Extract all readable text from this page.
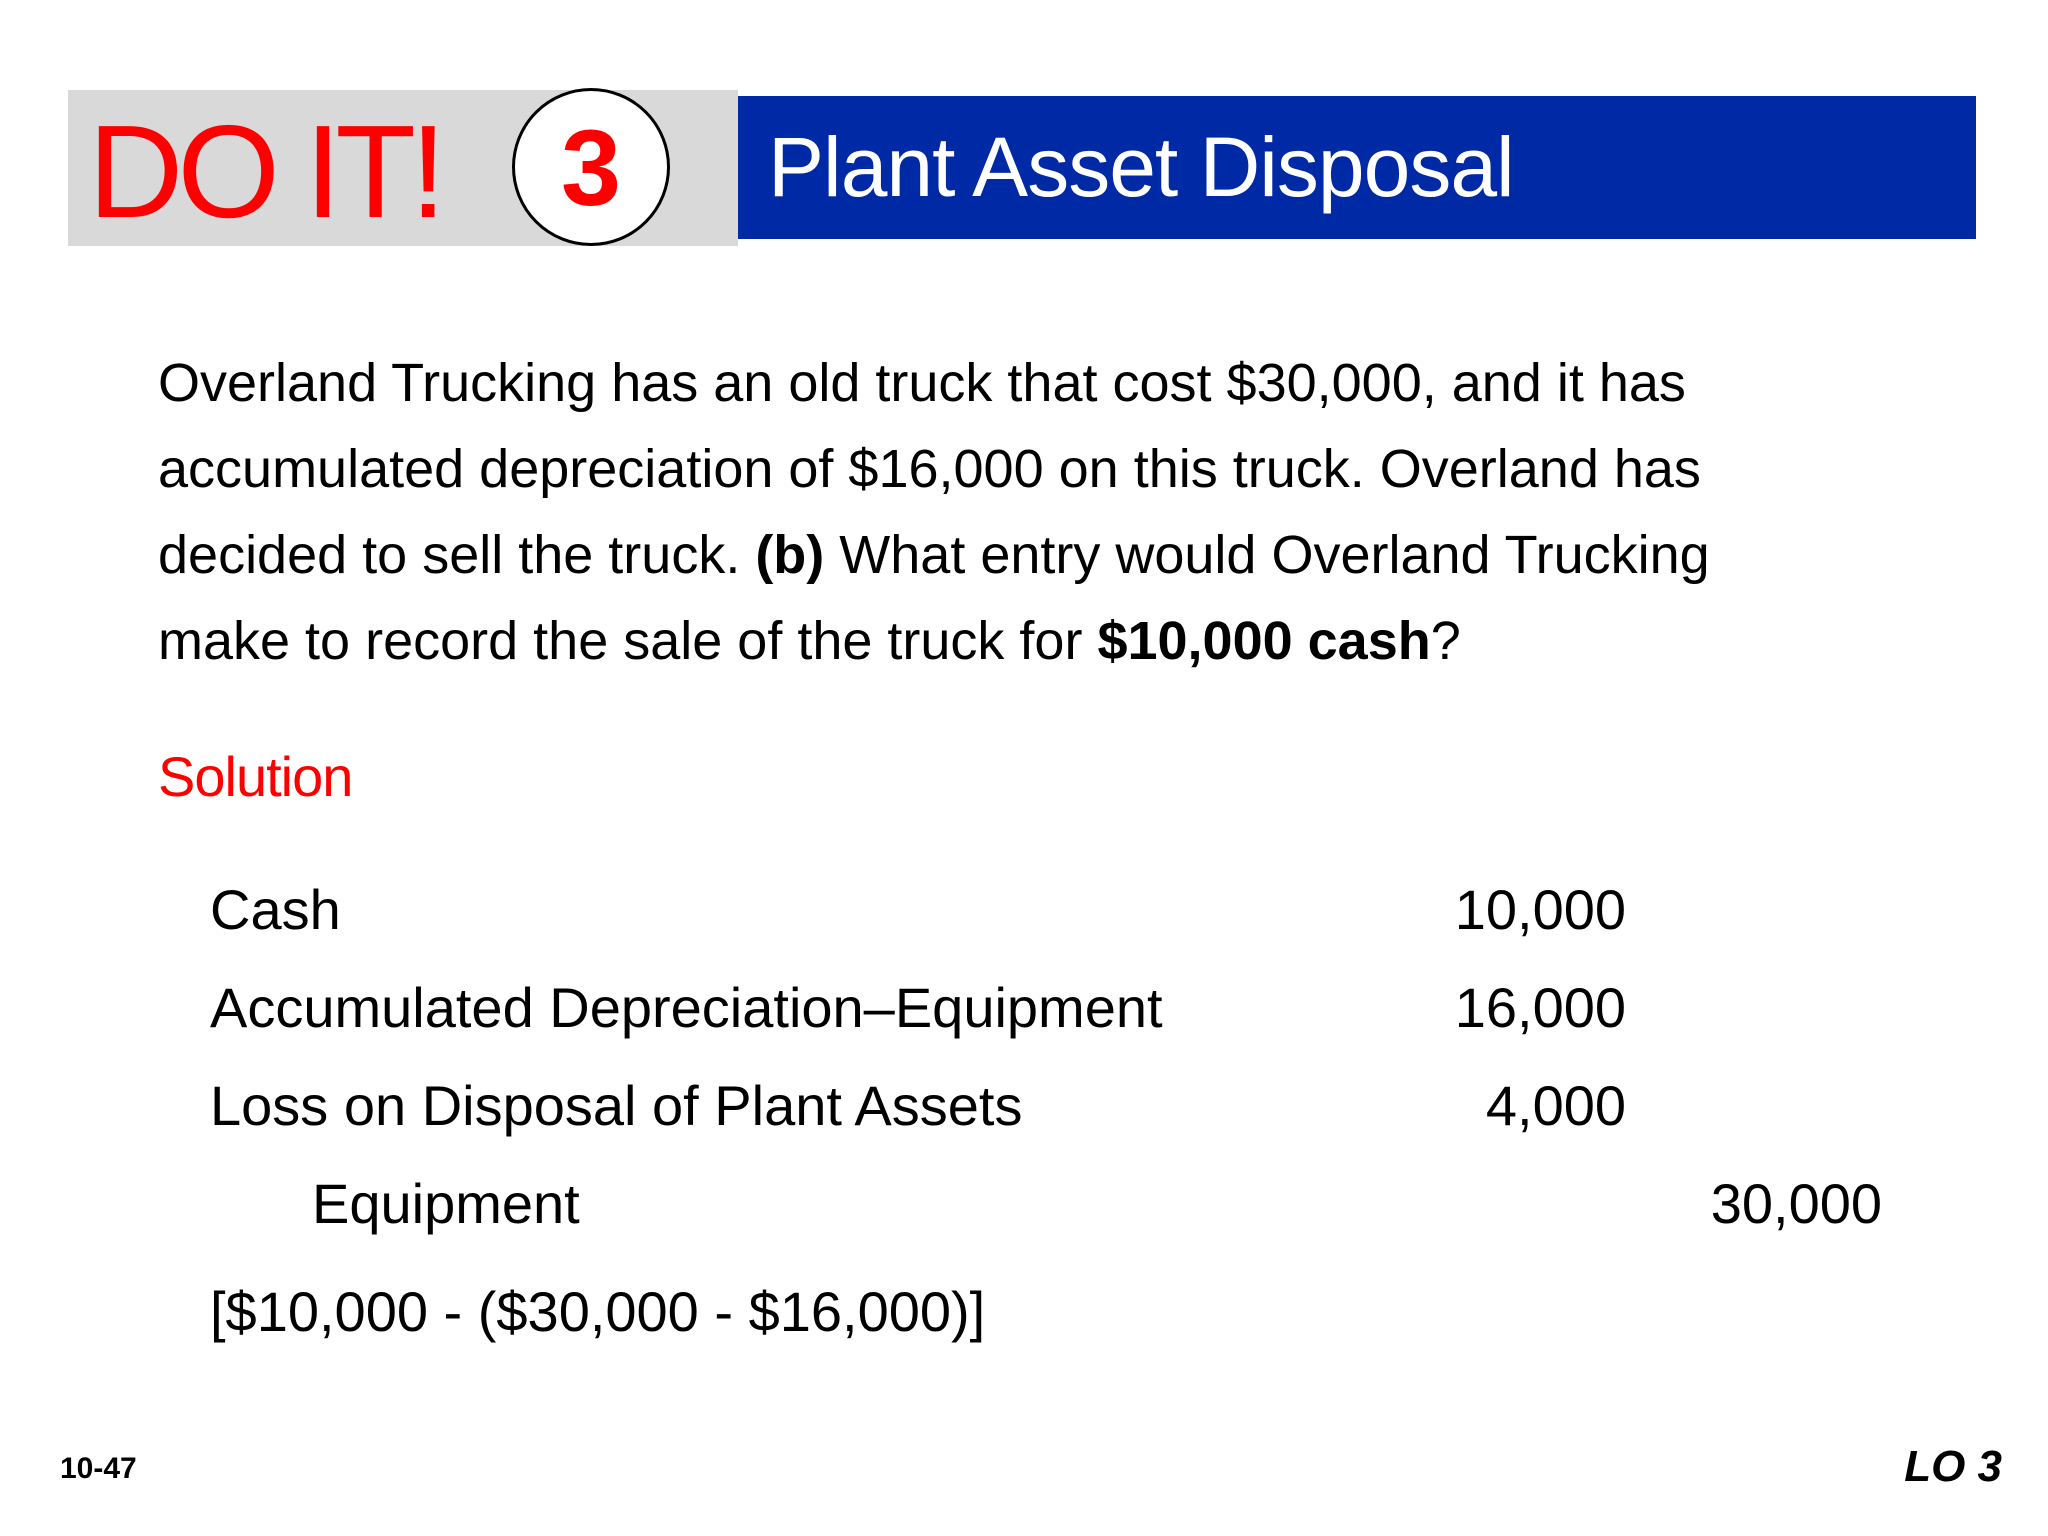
DO IT!	3	Plant Asset Disposal
Overland Trucking has an old truck that cost $30,000, and it has
accumulated depreciation of $16,000 on this truck. Overland has
decided to sell the truck. (b) What entry would Overland Trucking
make to record the sale of the truck for $10,000 cash?
Solution
Cash	10,000
Accumulated Depreciation–Equipment	16,000
Loss on Disposal of Plant Assets	4,000
Equipment	30,000
[$10,000 - ($30,000 - $16,000)]
10-47	LO 3
